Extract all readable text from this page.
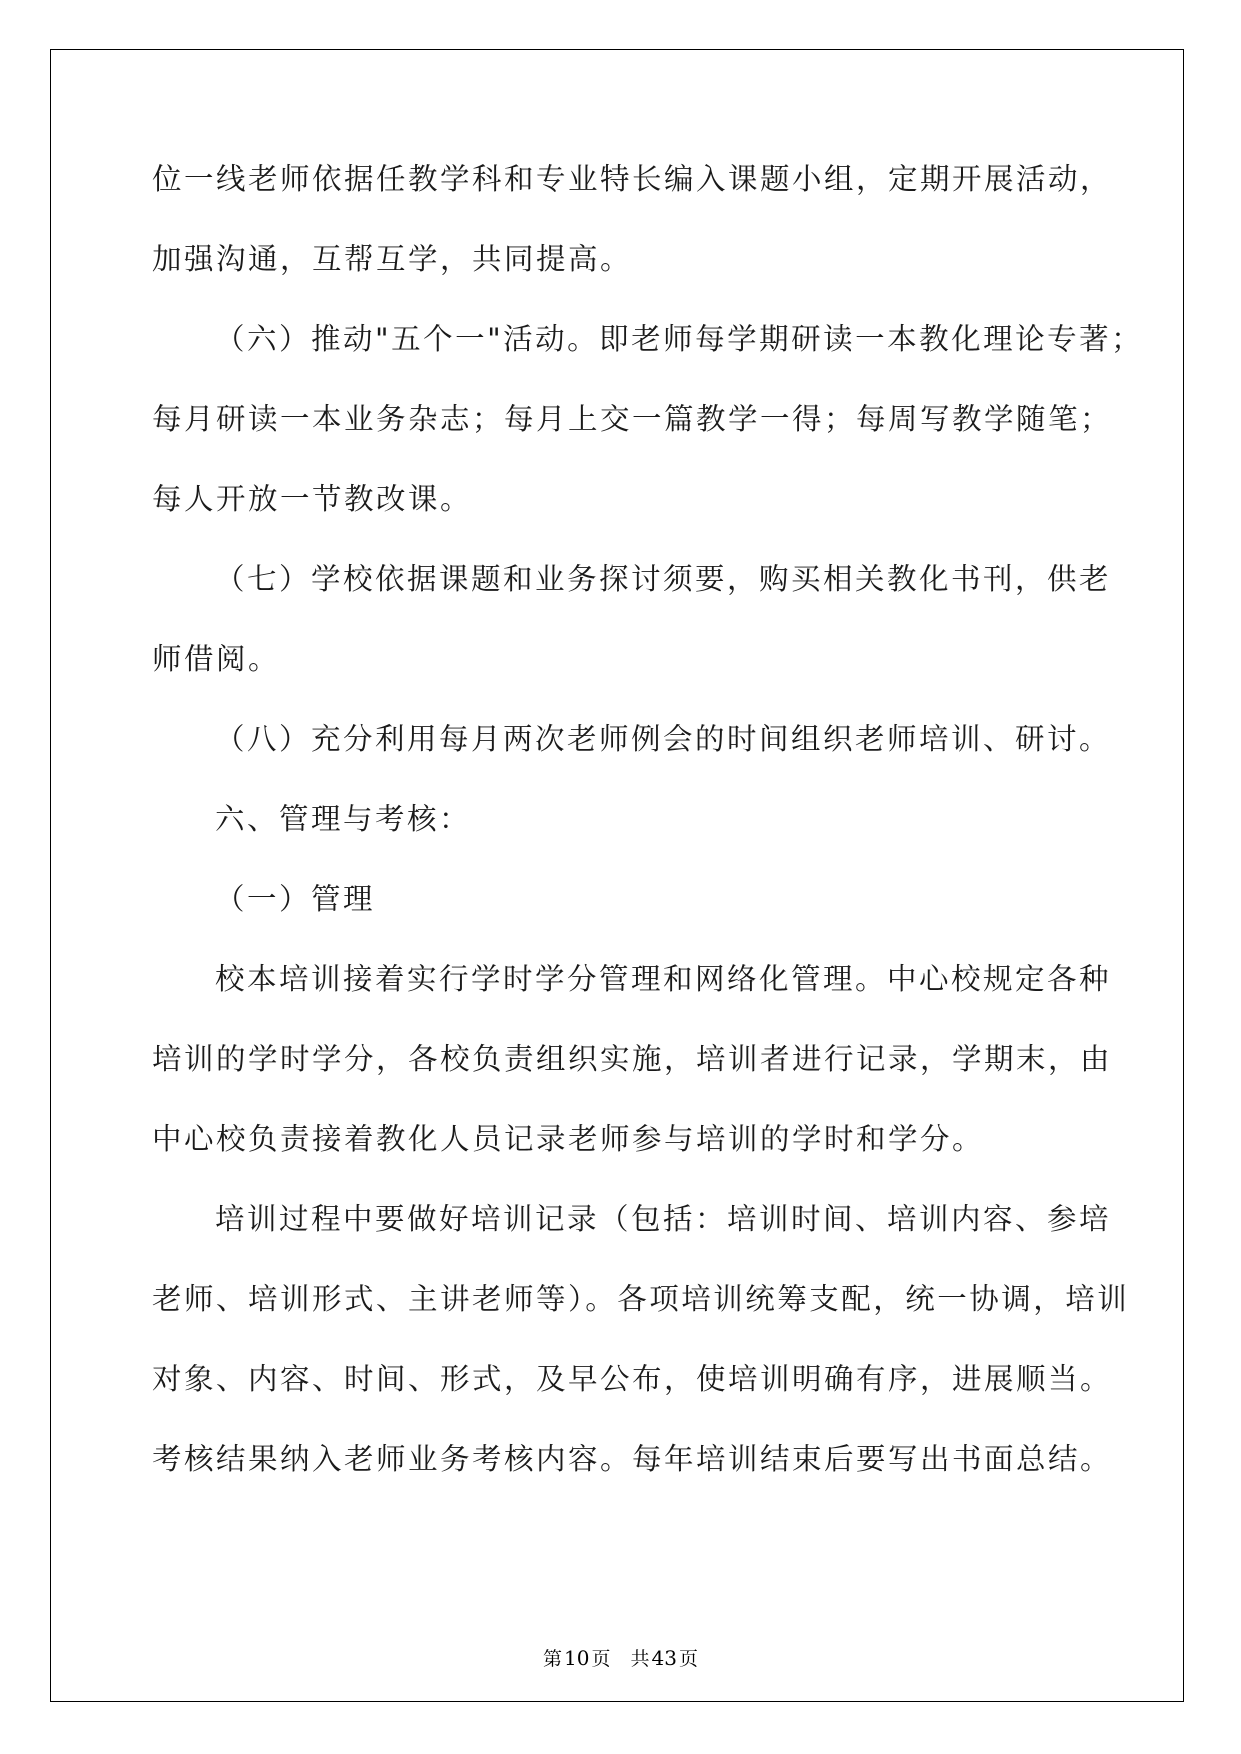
位一线老师依据任教学科和专业特长编入课题小组，定期开展活动，
加强沟通，互帮互学，共同提高。
（六）推动"五个一"活动。即老师每学期研读一本教化理论专著；
每月研读一本业务杂志；每月上交一篇教学一得；每周写教学随笔；
每人开放一节教改课。
（七）学校依据课题和业务探讨须要，购买相关教化书刊，供老
师借阅。
（八）充分利用每月两次老师例会的时间组织老师培训、研讨。
六、管理与考核：
（一）管理
校本培训接着实行学时学分管理和网络化管理。中心校规定各种
培训的学时学分，各校负责组织实施，培训者进行记录，学期末，由
中心校负责接着教化人员记录老师参与培训的学时和学分。
培训过程中要做好培训记录（包括：培训时间、培训内容、参培
老师、培训形式、主讲老师等）。各项培训统筹支配，统一协调，培训
对象、内容、时间、形式，及早公布，使培训明确有序，进展顺当。
考核结果纳入老师业务考核内容。每年培训结束后要写出书面总结。
第 10 页 共 43 页
